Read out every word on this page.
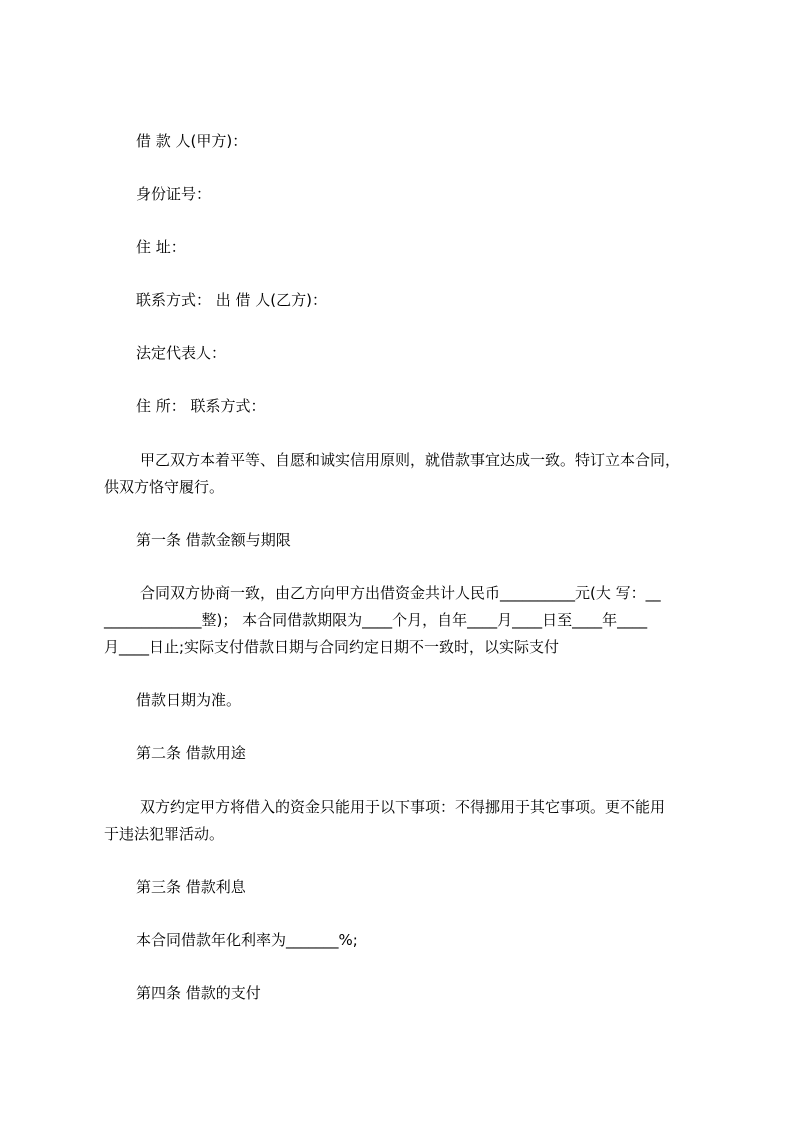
借 款 人(甲方)：
身份证号：
住 址：
联系方式： 出 借 人(乙方)：
法定代表人：
住 所： 联系方式：
甲乙双方本着平等、自愿和诚实信用原则，就借款事宜达成一致。特订立本合同，
供双方恪守履行。
第一条 借款金额与期限
合同双方协商一致，由乙方向甲方出借资金共计人民币__________元(大 写：__
_____________整)； 本合同借款期限为____个月，自年____月____日至____年____
月____日止;实际支付借款日期与合同约定日期不一致时，以实际支付
借款日期为准。
第二条 借款用途
双方约定甲方将借入的资金只能用于以下事项：不得挪用于其它事项。更不能用
于违法犯罪活动。
第三条 借款利息
本合同借款年化利率为_______%;
第四条 借款的支付
